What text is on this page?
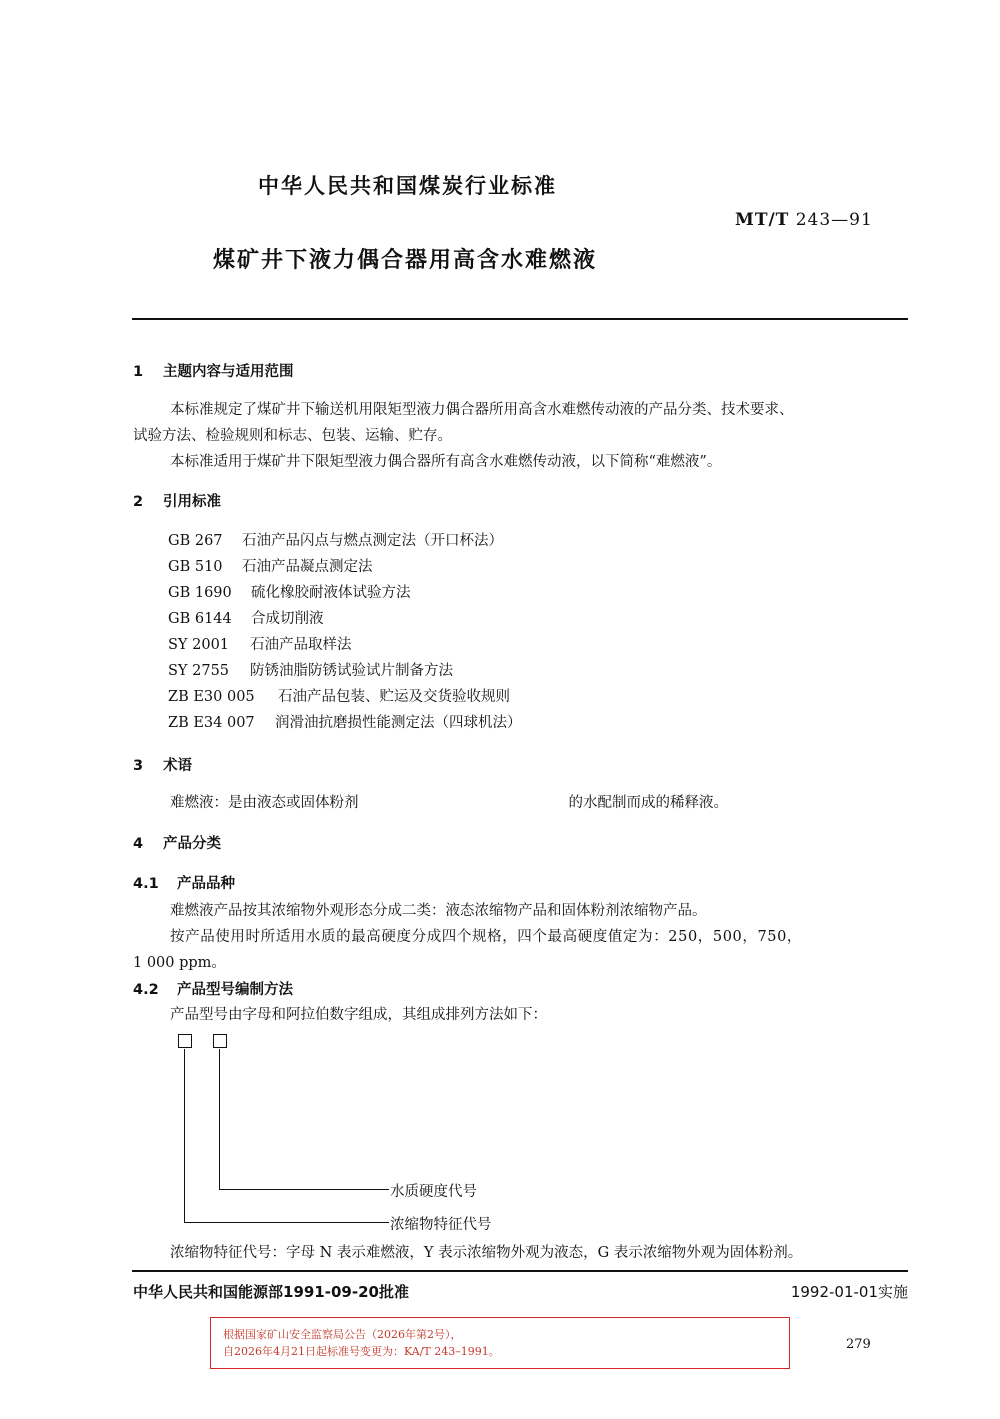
中华人民共和国煤炭行业标准
MT/T 243—91
煤矿井下液力偶合器用高含水难燃液
1 主题内容与适用范围
本标准规定了煤矿井下输送机用限矩型液力偶合器所用高含水难燃传动液的产品分类、技术要求、
试验方法、检验规则和标志、包装、运输、贮存。
本标准适用于煤矿井下限矩型液力偶合器所有高含水难燃传动液，以下简称“难燃液”。
2 引用标准
GB 267 石油产品闪点与燃点测定法（开口杯法）
GB 510 石油产品凝点测定法
GB 1690 硫化橡胶耐液体试验方法
GB 6144 合成切削液
SY 2001 石油产品取样法
SY 2755 防锈油脂防锈试验试片制备方法
ZB E30 005 石油产品包装、贮运及交货验收规则
ZB E34 007 润滑油抗磨损性能测定法（四球机法）
3 术语
难燃液：是由液态或固体粉剂	的水配制而成的稀释液。
4 产品分类
4.1 产品品种
难燃液产品按其浓缩物外观形态分成二类：液态浓缩物产品和固体粉剂浓缩物产品。
按产品使用时所适用水质的最高硬度分成四个规格，四个最高硬度值定为：250，500，750，
1 000 ppm。
4.2 产品型号编制方法
产品型号由字母和阿拉伯数字组成，其组成排列方法如下：
水质硬度代号
浓缩物特征代号
浓缩物特征代号：字母 N 表示难燃液，Y 表示浓缩物外观为液态，G 表示浓缩物外观为固体粉剂。
中华人民共和国能源部1991-09-20批准	1992-01-01实施
根据国家矿山安全监察局公告（2026年第2号），
自2026年4月21日起标准号变更为：KA/T 243–1991。	279
